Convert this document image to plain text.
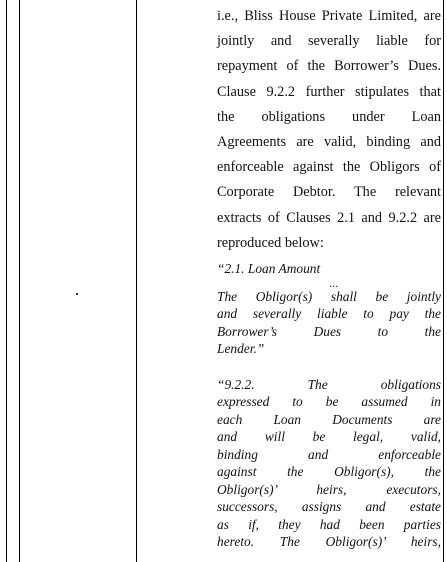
i.e., Bliss House Private Limited, are
jointly and severally liable for
repayment of the Borrower’s Dues.
Clause 9.2.2 further stipulates that
the obligations under Loan
Agreements are valid, binding and
enforceable against the Obligors of
Corporate Debtor. The relevant
extracts of Clauses 2.1 and 9.2.2 are
reproduced below:
“2.1. Loan Amount
...
The Obligor(s) shall be jointly
and severally liable to pay the
Borrower’s Dues to the
Lender.”
“9.2.2. The obligations
expressed to be assumed in
each Loan Documents are
and will be legal, valid,
binding and enforceable
against the Obligor(s), the
Obligor(s)’ heirs, executors,
successors, assigns and estate
as if, they had been parties
hereto. The Obligor(s)’ heirs,
